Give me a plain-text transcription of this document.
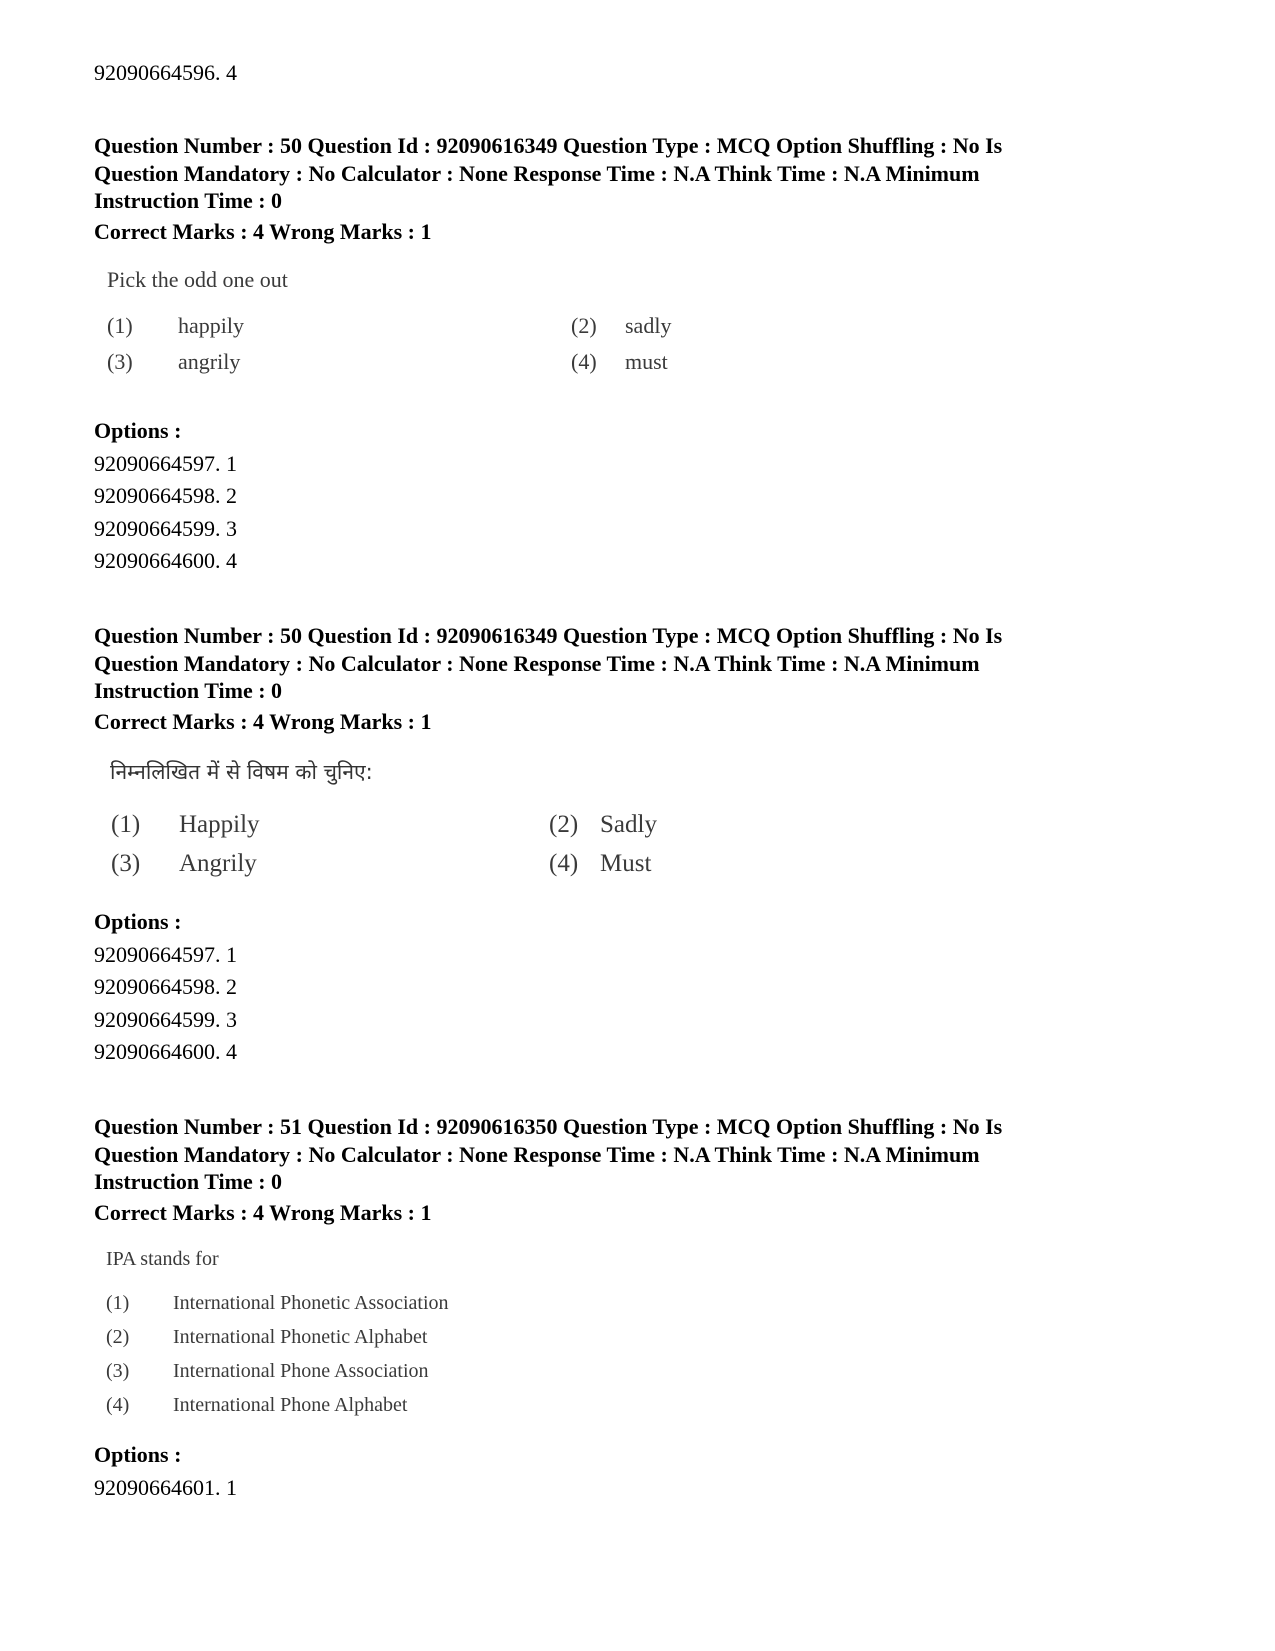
92090664596. 4
Question Number : 50 Question Id : 92090616349 Question Type : MCQ Option Shuffling : No Is
Question Mandatory : No Calculator : None Response Time : N.A Think Time : N.A Minimum
Instruction Time : 0
Correct Marks : 4 Wrong Marks : 1
Pick the odd one out
(1) happily	(2) sadly
(3) angrily	(4) must
Options :
92090664597. 1
92090664598. 2
92090664599. 3
92090664600. 4
Question Number : 50 Question Id : 92090616349 Question Type : MCQ Option Shuffling : No Is
Question Mandatory : No Calculator : None Response Time : N.A Think Time : N.A Minimum
Instruction Time : 0
Correct Marks : 4 Wrong Marks : 1
निम्नलिखित में से विषम को चुनिए:
(1) Happily	(2) Sadly
(3) Angrily	(4) Must
Options :
92090664597. 1
92090664598. 2
92090664599. 3
92090664600. 4
Question Number : 51 Question Id : 92090616350 Question Type : MCQ Option Shuffling : No Is
Question Mandatory : No Calculator : None Response Time : N.A Think Time : N.A Minimum
Instruction Time : 0
Correct Marks : 4 Wrong Marks : 1
IPA stands for
(1) International Phonetic Association
(2) International Phonetic Alphabet
(3) International Phone Association
(4) International Phone Alphabet
Options :
92090664601. 1
